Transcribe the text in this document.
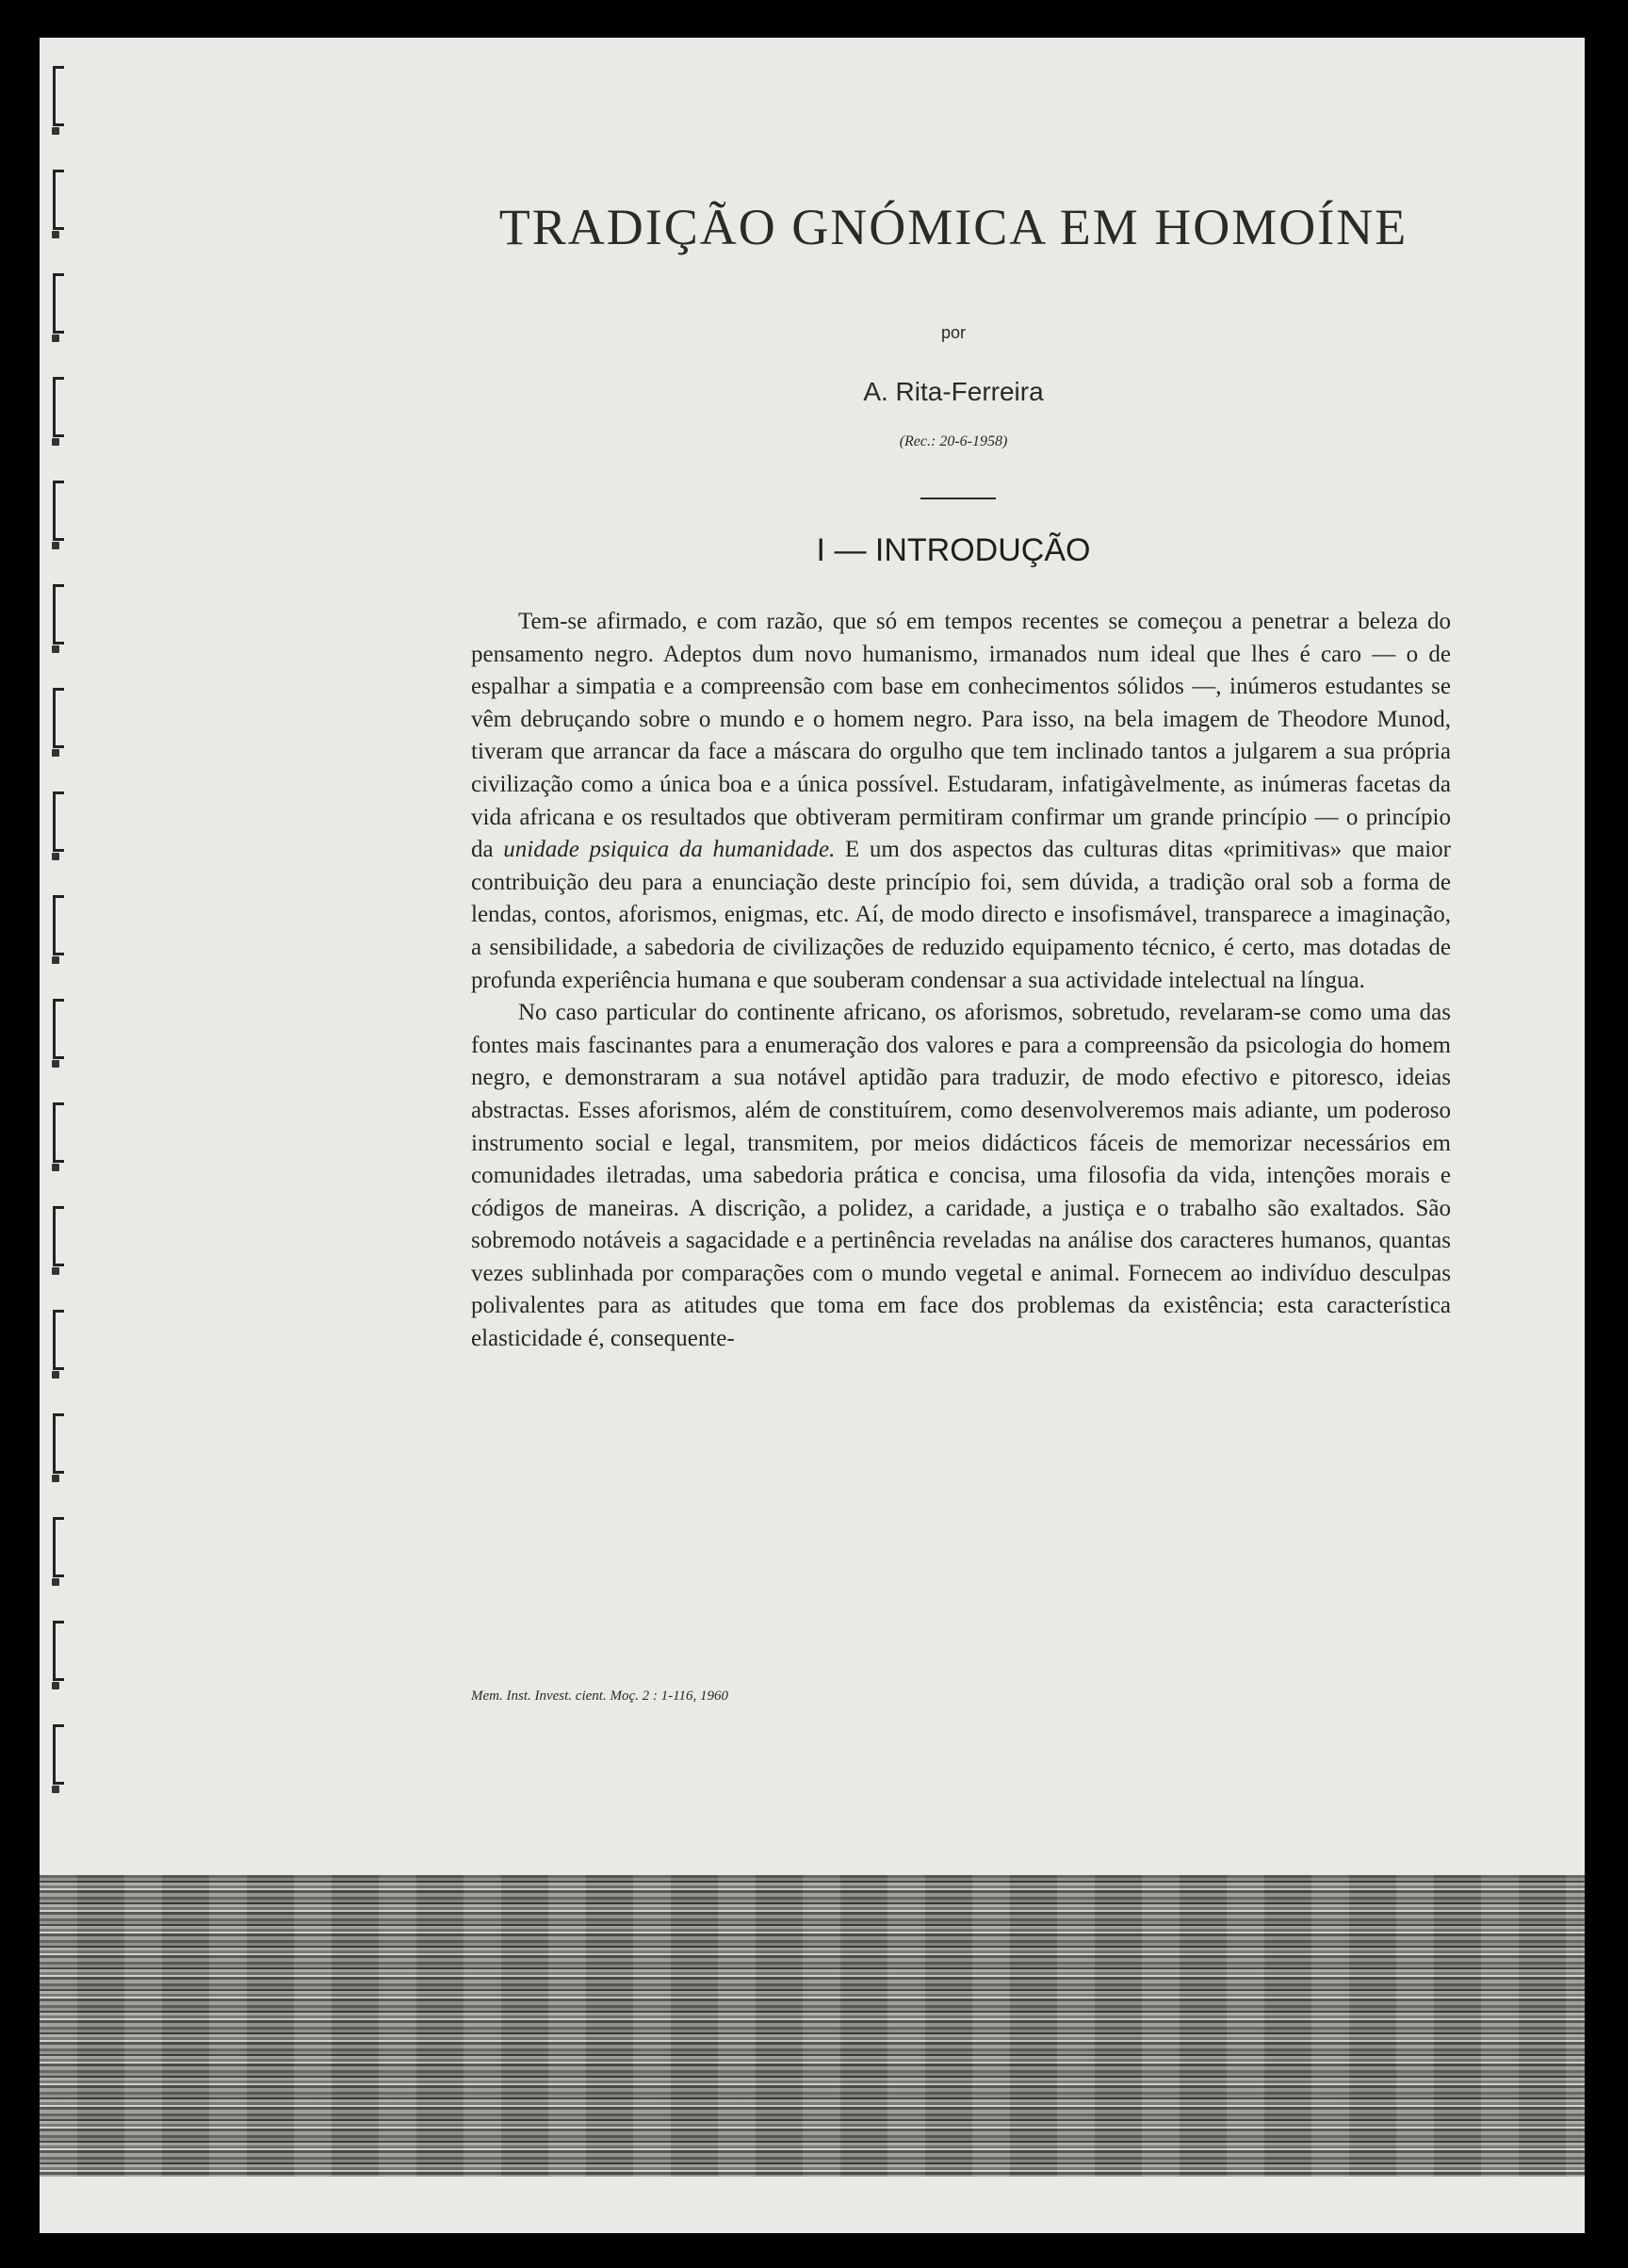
TRADIÇÃO GNÓMICA EM HOMOÍNE
por
A. Rita-Ferreira
(Rec.: 20-6-1958)
I — INTRODUÇÃO

Tem-se afirmado, e com razão, que só em tempos recentes se começou a penetrar a beleza do pensamento negro. Adeptos dum novo humanismo, irmanados num ideal que lhes é caro — o de espalhar a simpatia e a compreensão com base em conhecimentos sólidos —, inúmeros estudantes se vêm debruçando sobre o mundo e o homem negro. Para isso, na bela imagem de Theodore Munod, tiveram que arrancar da face a máscara do orgulho que tem inclinado tantos a julgarem a sua própria civilização como a única boa e a única possível. Estudaram, infatigàvelmente, as inúmeras facetas da vida africana e os resultados que obtiveram permitiram confirmar um grande princípio — o princípio da unidade psiquica da humanidade. E um dos aspectos das culturas ditas «primitivas» que maior contribuição deu para a enunciação deste princípio foi, sem dúvida, a tradição oral sob a forma de lendas, contos, aforismos, enigmas, etc. Aí, de modo directo e insofismável, transparece a imaginação, a sensibilidade, a sabedoria de civilizações de reduzido equipamento técnico, é certo, mas dotadas de profunda experiência humana e que souberam condensar a sua actividade intelectual na língua.

No caso particular do continente africano, os aforismos, sobretudo, revelaram-se como uma das fontes mais fascinantes para a enumeração dos valores e para a compreensão da psicologia do homem negro, e demonstraram a sua notável aptidão para traduzir, de modo efectivo e pitoresco, ideias abstractas. Esses aforismos, além de constituírem, como desenvolveremos mais adiante, um poderoso instrumento social e legal, transmitem, por meios didácticos fáceis de memorizar necessários em comunidades iletradas, uma sabedoria prática e concisa, uma filosofia da vida, intenções morais e códigos de maneiras. A discrição, a polidez, a caridade, a justiça e o trabalho são exaltados. São sobremodo notáveis a sagacidade e a pertinência reveladas na análise dos caracteres humanos, quantas vezes sublinhada por comparações com o mundo vegetal e animal. Fornecem ao indivíduo desculpas polivalentes para as atitudes que toma em face dos problemas da existência; esta característica elasticidade é, consequente-

Mem. Inst. Invest. cient. Moç. 2 : 1-116, 1960
